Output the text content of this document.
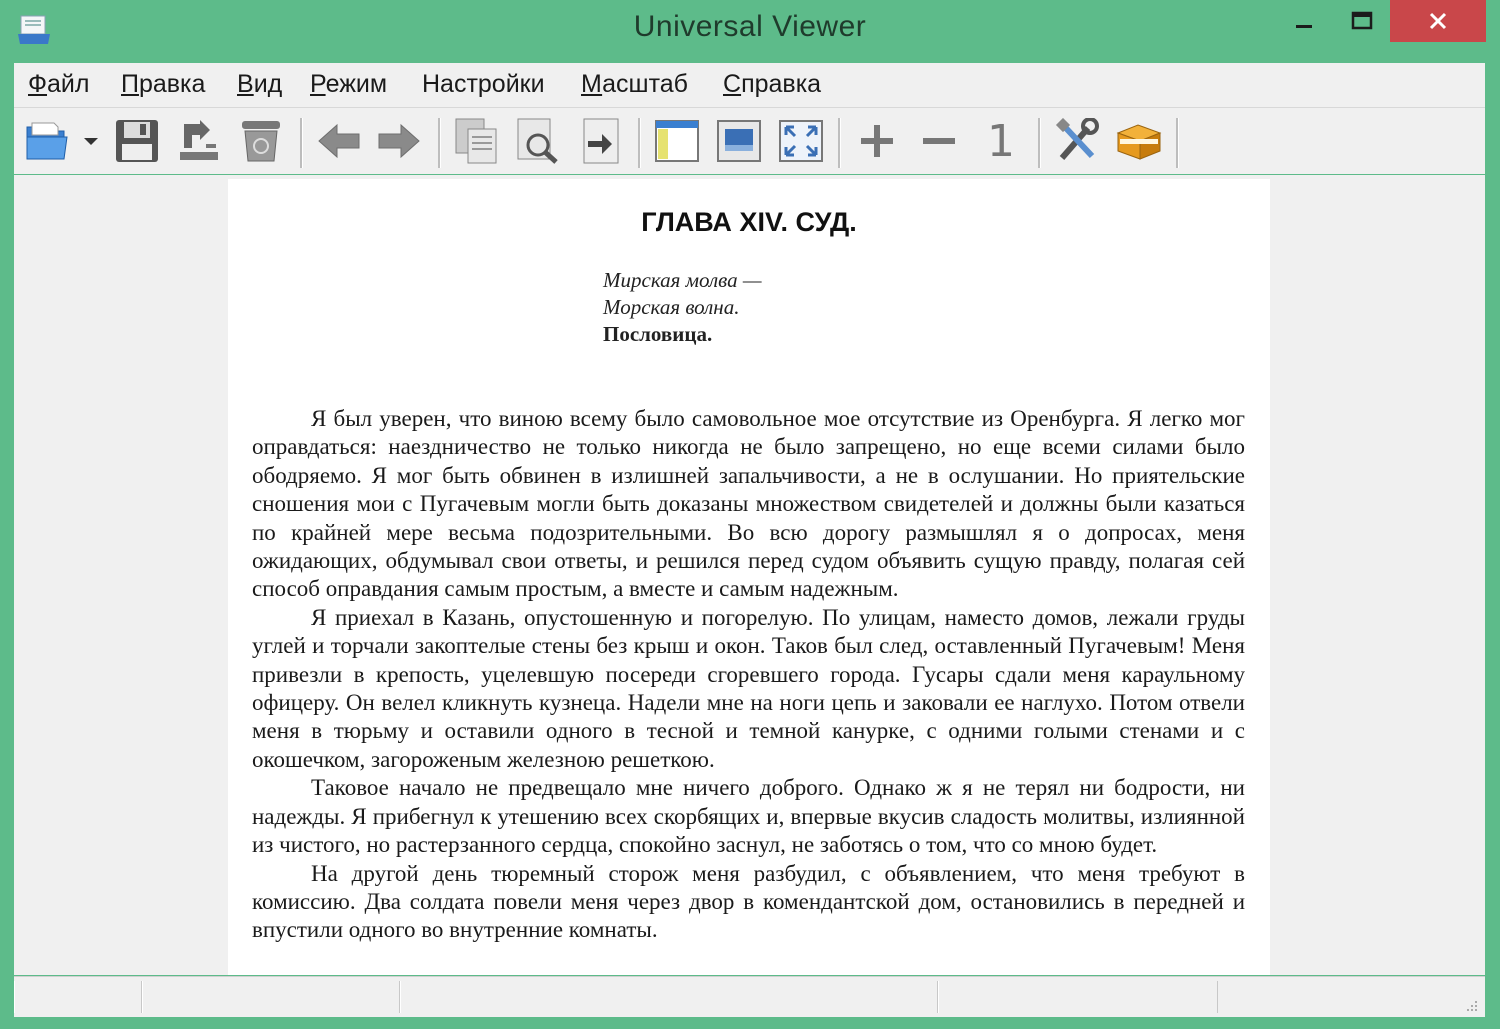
Universal Viewer
Файл Правка Вид Режим Настройки Масштаб Справка
1
ГЛАВА XIV. СУД.
Мирская молва —
Морская волна.
Пословица.

Я был уверен, что виною всему было самовольное мое отсутствие из Оренбурга. Я легко мог оправдаться: наездничество не только никогда не было запрещено, но еще всеми силами было ободряемо. Я мог быть обвинен в излишней запальчивости, а не в ослушании. Но приятельские сношения мои с Пугачевым могли быть доказаны множеством свидетелей и должны были казаться по крайней мере весьма подозрительными. Во всю дорогу размышлял я о допросах, меня ожидающих, обдумывал свои ответы, и решился перед судом объявить сущую правду, полагая сей способ оправдания самым простым, а вместе и самым надежным.

Я приехал в Казань, опустошенную и погорелую. По улицам, наместо домов, лежали груды углей и торчали закоптелые стены без крыш и окон. Таков был след, оставленный Пугачевым! Меня привезли в крепость, уцелевшую посереди сгоревшего города. Гусары сдали меня караульному офицеру. Он велел кликнуть кузнеца. Надели мне на ноги цепь и заковали ее наглухо. Потом отвели меня в тюрьму и оставили одного в тесной и темной канурке, с одними голыми стенами и с окошечком, загороженым железною решеткою.

Таковое начало не предвещало мне ничего доброго. Однако ж я не терял ни бодрости, ни надежды. Я прибегнул к утешению всех скорбящих и, впервые вкусив сладость молитвы, излиянной из чистого, но растерзанного сердца, спокойно заснул, не заботясь о том, что со мною будет.

На другой день тюремный сторож меня разбудил, с объявлением, что меня требуют в комиссию. Два солдата повели меня через двор в комендантской дом, остановились в передней и впустили одного во внутренние комнаты.
